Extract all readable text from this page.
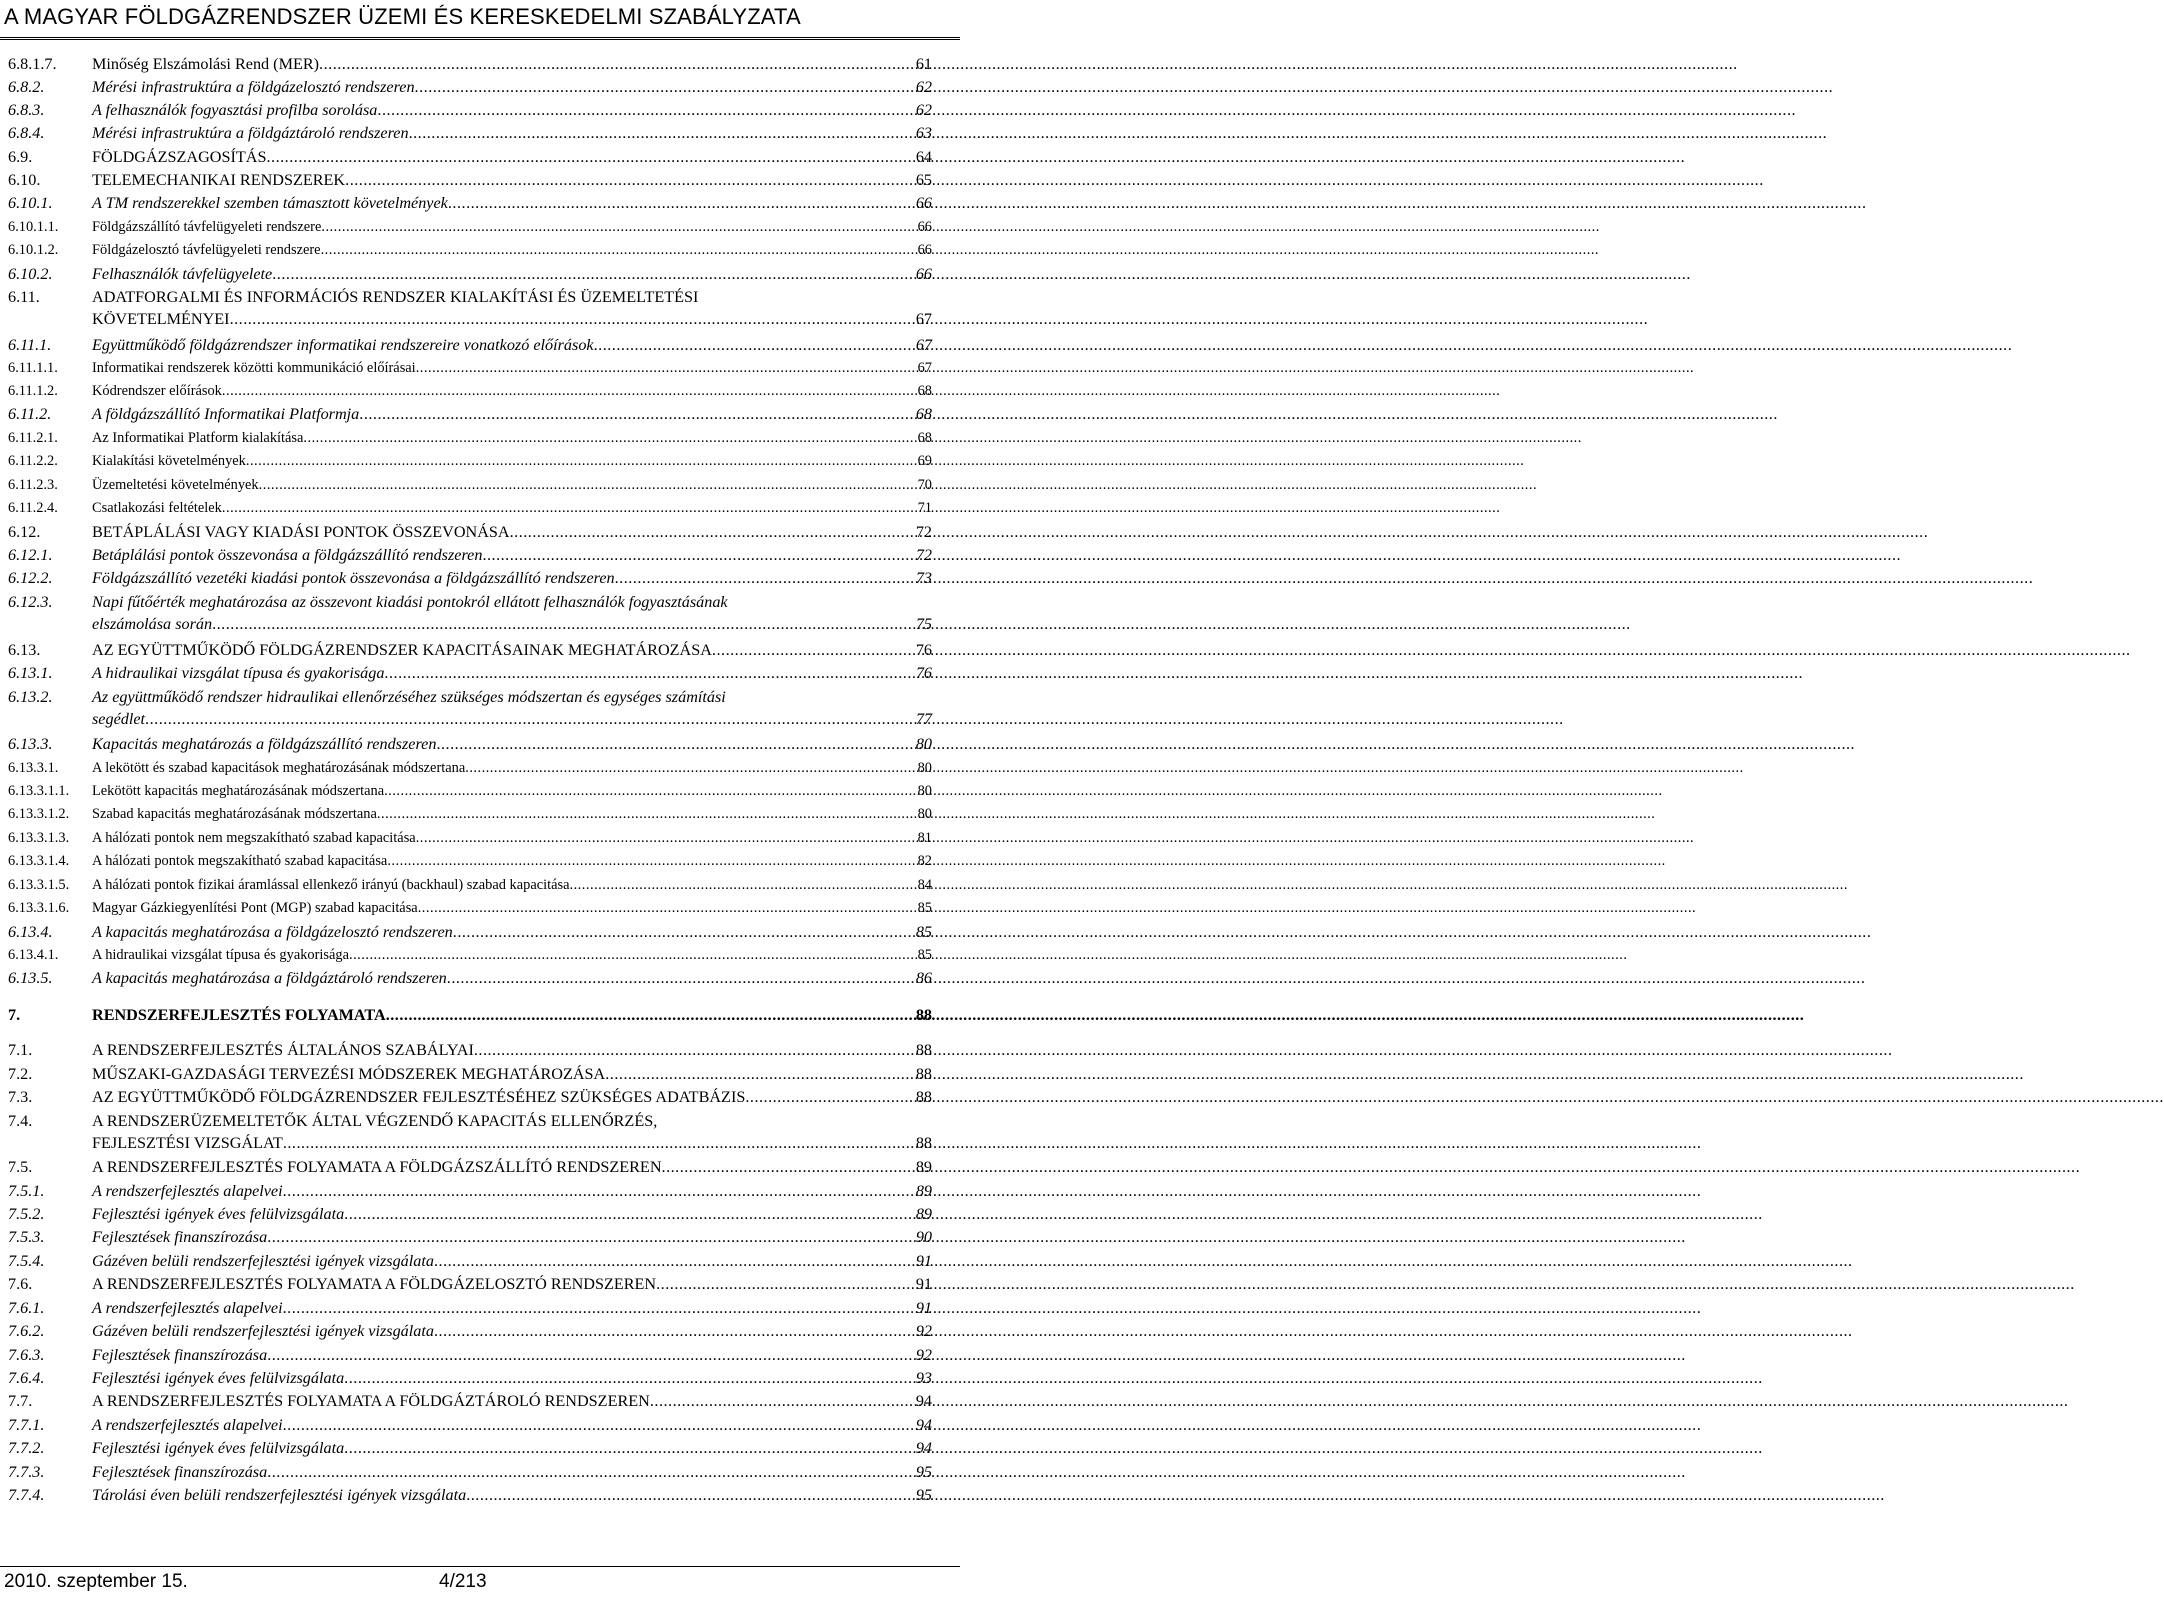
A MAGYAR FÖLDGÁZRENDSZER ÜZEMI ÉS KERESKEDELMI SZABÁLYZATA
6.8.1.7.	Minőség Elszámolási Rend (MER) .....	61
6.8.2.	Mérési infrastruktúra a földgázelosztó rendszeren .....	62
6.8.3.	A felhasználók fogyasztási profilba sorolása .....	62
6.8.4.	Mérési infrastruktúra a földgáztároló rendszeren .....	63
6.9.	FÖLDGÁZSZAGOSÍTÁS .....	64
6.10.	TELEMECHANIKAI RENDSZEREK .....	65
6.10.1.	A TM rendszerekkel szemben támasztott követelmények .....	66
6.10.1.1.	Földgázszállító távfelügyeleti rendszere .....	66
6.10.1.2.	Földgázelosztó távfelügyeleti rendszere .....	66
6.10.2.	Felhasználók távfelügyelete .....	66
6.11.	ADATFORGALMI ÉS INFORMÁCIÓS RENDSZER KIALAKÍTÁSI ÉS ÜZEMELTETÉSI
KÖVETELMÉNYEI .....	67
6.11.1.	Együttműködő földgázrendszer informatikai rendszereire vonatkozó előírások .....	67
6.11.1.1.	Informatikai rendszerek közötti kommunikáció előírásai .....	67
6.11.1.2.	Kódrendszer előírások .....	68
6.11.2.	A földgázszállító Informatikai Platformja .....	68
6.11.2.1.	Az Informatikai Platform kialakítása .....	68
6.11.2.2.	Kialakítási követelmények .....	69
6.11.2.3.	Üzemeltetési követelmények .....	70
6.11.2.4.	Csatlakozási feltételek .....	71
6.12.	BETÁPLÁLÁSI VAGY KIADÁSI PONTOK ÖSSZEVONÁSA .....	72
6.12.1.	Betáplálási pontok összevonása a földgázszállító rendszeren .....	72
6.12.2.	Földgázszállító vezetéki kiadási pontok összevonása a földgázszállító rendszeren .....	73
6.12.3.	Napi fűtőérték meghatározása az összevont kiadási pontokról ellátott felhasználók fogyasztásának
elszámolása során .....	75
6.13.	AZ EGYÜTTMŰKÖDŐ FÖLDGÁZRENDSZER KAPACITÁSAINAK MEGHATÁROZÁSA .....	76
6.13.1.	A hidraulikai vizsgálat típusa és gyakorisága .....	76
6.13.2.	Az együttműködő rendszer hidraulikai ellenőrzéséhez szükséges módszertan és egységes számítási
segédlet .....	77
6.13.3.	Kapacitás meghatározás a földgázszállító rendszeren .....	80
6.13.3.1.	A lekötött és szabad kapacitások meghatározásának módszertana .....	80
6.13.3.1.1.	Lekötött kapacitás meghatározásának módszertana .....	80
6.13.3.1.2.	Szabad kapacitás meghatározásának módszertana .....	80
6.13.3.1.3.	A hálózati pontok nem megszakítható szabad kapacitása .....	81
6.13.3.1.4.	A hálózati pontok megszakítható szabad kapacitása .....	82
6.13.3.1.5.	A hálózati pontok fizikai áramlással ellenkező irányú (backhaul) szabad kapacitása .....	84
6.13.3.1.6.	Magyar Gázkiegyenlítési Pont (MGP) szabad kapacitása .....	85
6.13.4.	A kapacitás meghatározása a földgázelosztó rendszeren .....	85
6.13.4.1.	A hidraulikai vizsgálat típusa és gyakorisága .....	85
6.13.5.	A kapacitás meghatározása a földgáztároló rendszeren .....	86
7.	RENDSZERFEJLESZTÉS FOLYAMATA .....	88
7.1.	A RENDSZERFEJLESZTÉS ÁLTALÁNOS SZABÁLYAI .....	88
7.2.	MŰSZAKI-GAZDASÁGI TERVEZÉSI MÓDSZEREK MEGHATÁROZÁSA .....	88
7.3.	AZ EGYÜTTMŰKÖDŐ FÖLDGÁZRENDSZER FEJLESZTÉSÉHEZ SZÜKSÉGES ADATBÁZIS .....	88
7.4.	A RENDSZERÜZEMELTETŐK ÁLTAL VÉGZENDŐ KAPACITÁS ELLENŐRZÉS,
FEJLESZTÉSI VIZSGÁLAT .....	88
7.5.	A RENDSZERFEJLESZTÉS FOLYAMATA A FÖLDGÁZSZÁLLÍTÓ RENDSZEREN .....	89
7.5.1.	A rendszerfejlesztés alapelvei .....	89
7.5.2.	Fejlesztési igények éves felülvizsgálata .....	89
7.5.3.	Fejlesztések finanszírozása .....	90
7.5.4.	Gázéven belüli rendszerfejlesztési igények vizsgálata .....	91
7.6.	A RENDSZERFEJLESZTÉS FOLYAMATA A FÖLDGÁZELOSZTÓ RENDSZEREN .....	91
7.6.1.	A rendszerfejlesztés alapelvei .....	91
7.6.2.	Gázéven belüli rendszerfejlesztési igények vizsgálata .....	92
7.6.3.	Fejlesztések finanszírozása .....	92
7.6.4.	Fejlesztési igények éves felülvizsgálata .....	93
7.7.	A RENDSZERFEJLESZTÉS FOLYAMATA A FÖLDGÁZTÁROLÓ RENDSZEREN .....	94
7.7.1.	A rendszerfejlesztés alapelvei .....	94
7.7.2.	Fejlesztési igények éves felülvizsgálata .....	94
7.7.3.	Fejlesztések finanszírozása .....	95
7.7.4.	Tárolási éven belüli rendszerfejlesztési igények vizsgálata .....	95
2010. szeptember 15.	4/213
